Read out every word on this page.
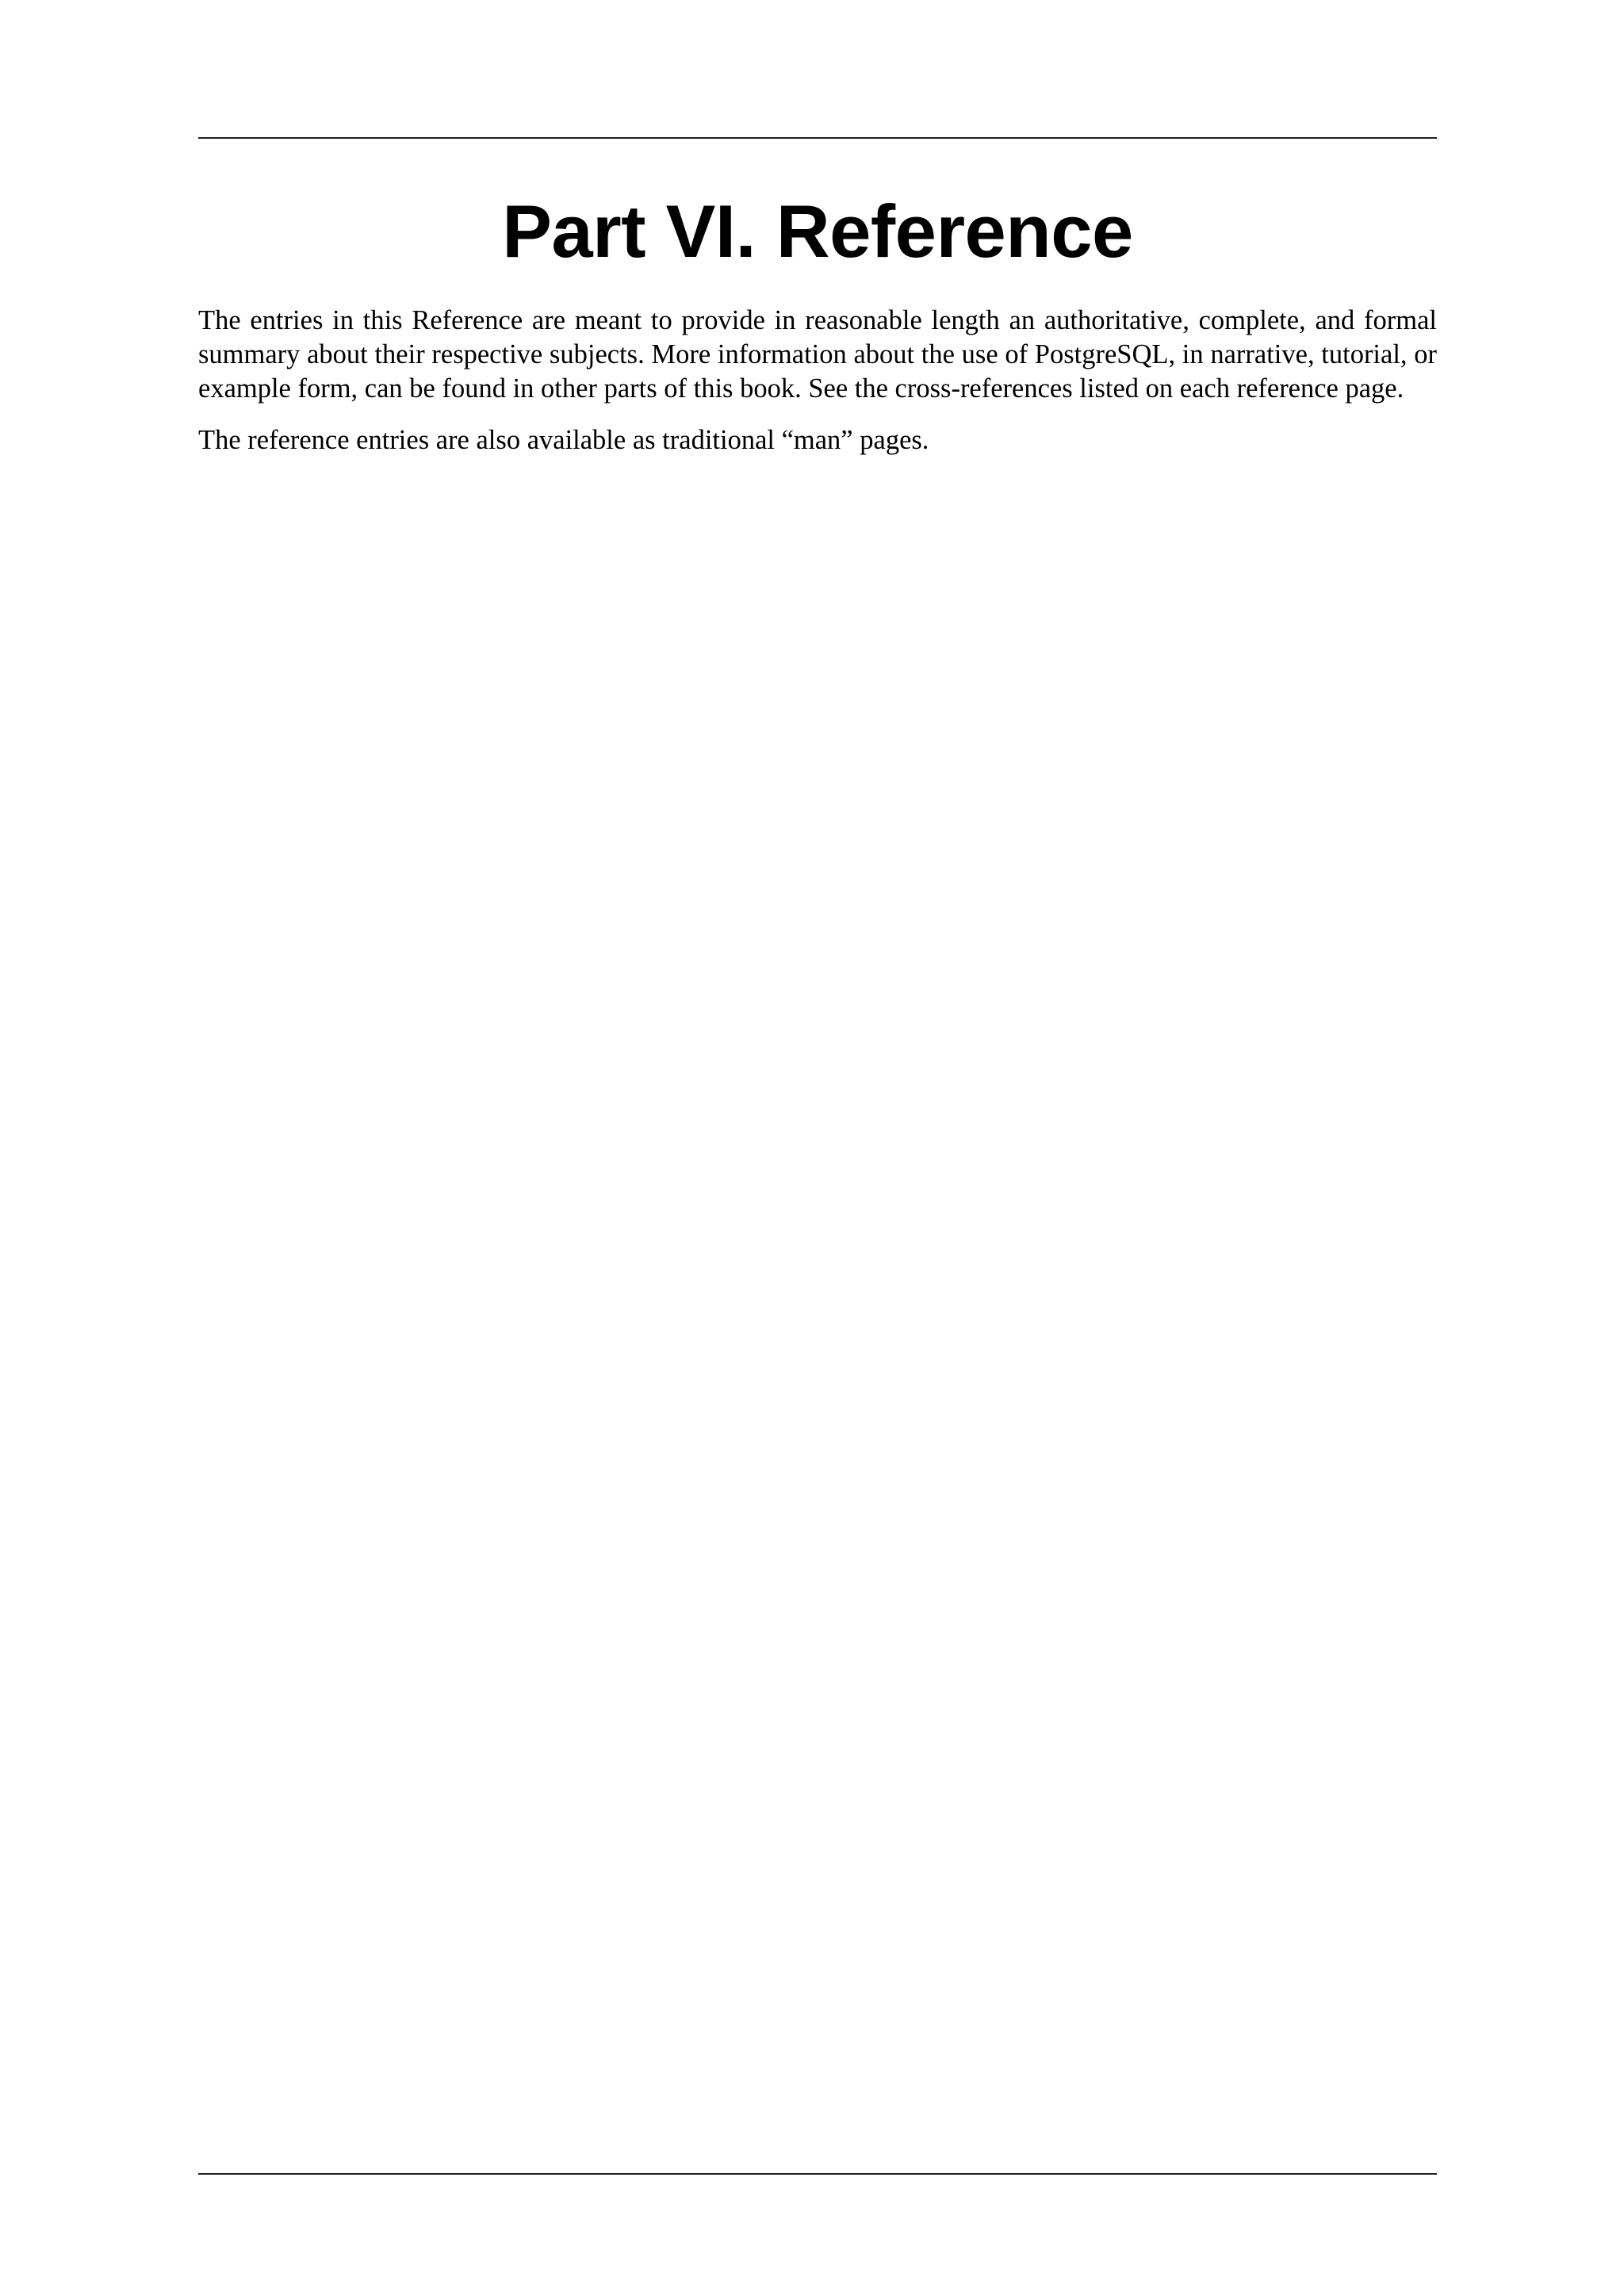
Part VI. Reference

The entries in this Reference are meant to provide in reasonable length an authoritative, complete, and formal summary about their respective subjects. More information about the use of PostgreSQL, in narrative, tutorial, or example form, can be found in other parts of this book. See the cross-references listed on each reference page.

The reference entries are also available as traditional “man” pages.
